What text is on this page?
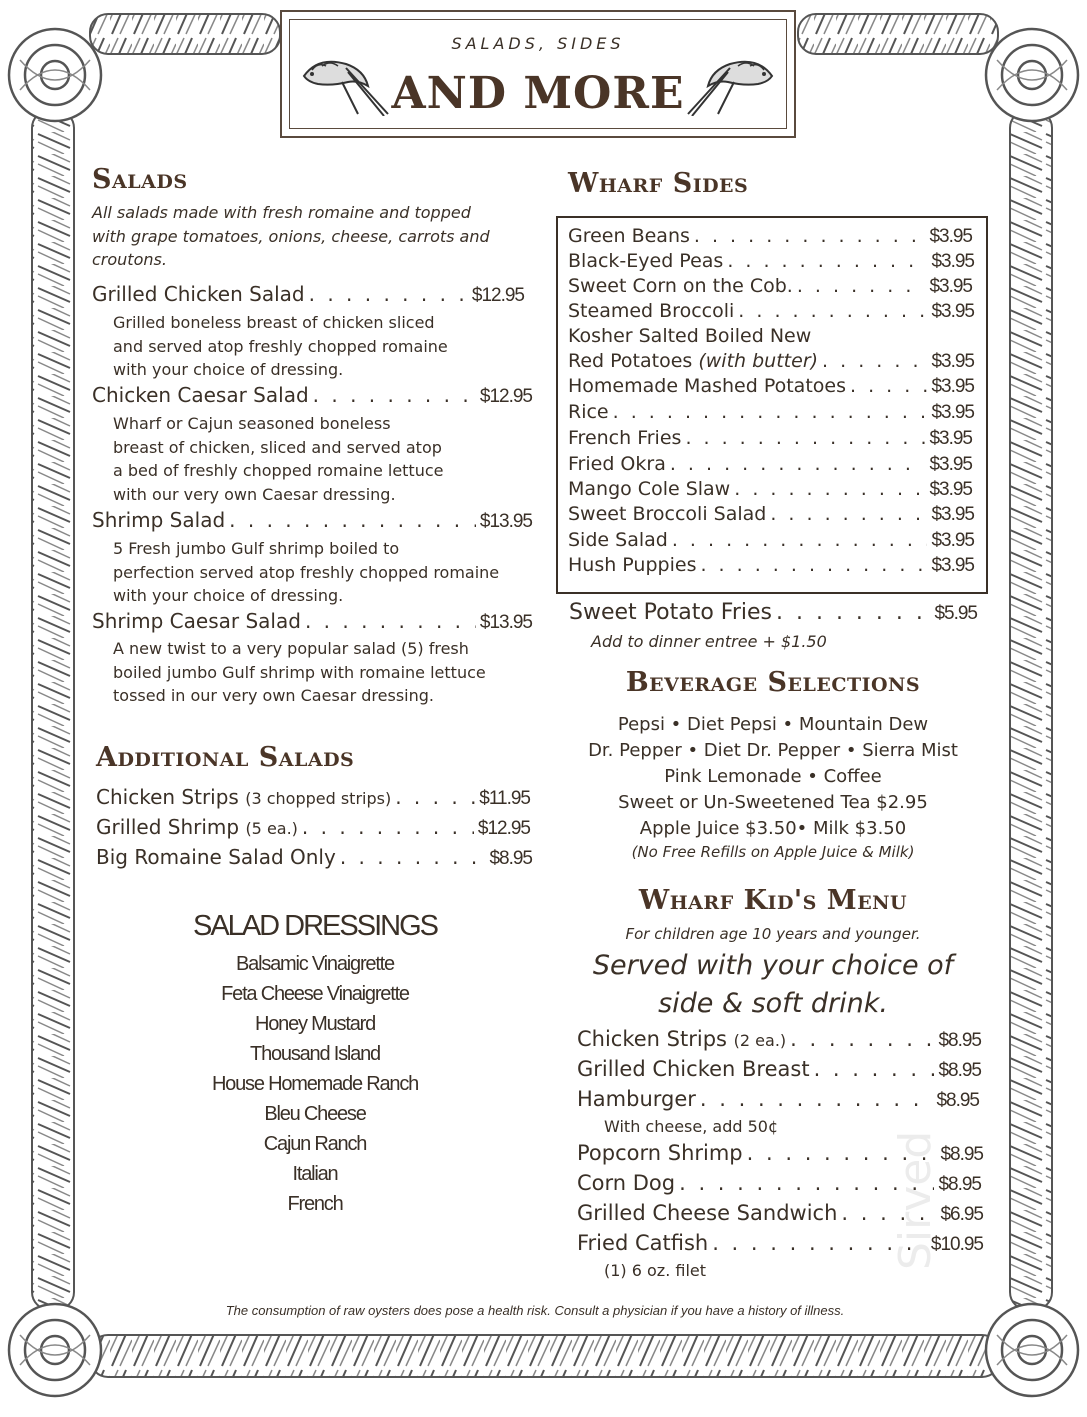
Sirved
SALADS, SIDES
AND MORE
Salads
All salads made with fresh romaine and topped
with grape tomatoes, onions, cheese, carrots and
croutons.
Grilled Chicken Salad . . .	$12.95
Grilled boneless breast of chicken sliced
and served atop freshly chopped romaine
with your choice of dressing.
Chicken Caesar Salad . . .	$12.95
Wharf or Cajun seasoned boneless
breast of chicken, sliced and served atop
a bed of freshly chopped romaine lettuce
with our very own Caesar dressing.
Shrimp Salad . . .	$13.95
5 Fresh jumbo Gulf shrimp boiled to
perfection served atop freshly chopped romaine
with your choice of dressing.
Shrimp Caesar Salad . . .	$13.95
A new twist to a very popular salad (5) fresh
boiled jumbo Gulf shrimp with romaine lettuce
tossed in our very own Caesar dressing.
Additional Salads
Chicken Strips
(3 chopped strips) . . .	$11.95
Grilled Shrimp
(5 ea.) . . .	$12.95
Big Romaine Salad Only . . .	$8.95
SALAD DRESSINGS
Balsamic Vinaigrette
Feta Cheese Vinaigrette
Honey Mustard
Thousand Island
House Homemade Ranch
Bleu Cheese
Cajun Ranch
Italian
French
Wharf Sides
Green Beans . . .	$3.95
Black-Eyed Peas . . .	$3.95
Sweet Corn on the Cob. . . .	$3.95
Steamed Broccoli . . .	$3.95
Kosher Salted Boiled New
Red Potatoes
(with butter) . . .	$3.95
Homemade Mashed Potatoes . . .	$3.95
Rice . . .	$3.95
French Fries . . .	$3.95
Fried Okra . . .	$3.95
Mango Cole Slaw . . .	$3.95
Sweet Broccoli Salad . . .	$3.95
Side Salad . . .	$3.95
Hush Puppies . . .	$3.95
Sweet Potato Fries . . .	$5.95
Add to dinner entree + $1.50
Beverage Selections
Pepsi • Diet Pepsi • Mountain Dew
Dr. Pepper • Diet Dr. Pepper • Sierra Mist
Pink Lemonade • Coffee
Sweet or Un-Sweetened Tea $2.95
Apple Juice $3.50• Milk $3.50
(No Free Refills on Apple Juice & Milk)
Wharf Kid's Menu
For children age 10 years and younger.
Served with your choice of
side & soft drink.
Chicken Strips
(2 ea.) . . .	$8.95
Grilled Chicken Breast . . .	$8.95
Hamburger . . .	$8.95
With cheese, add 50¢
Popcorn Shrimp . . .	$8.95
Corn Dog . . .	$8.95
Grilled Cheese Sandwich . . .	$6.95
Fried Catfish . . .	$10.95
(1) 6 oz. filet
The consumption of raw oysters does pose a health risk. Consult a physician if you have a history of illness.
